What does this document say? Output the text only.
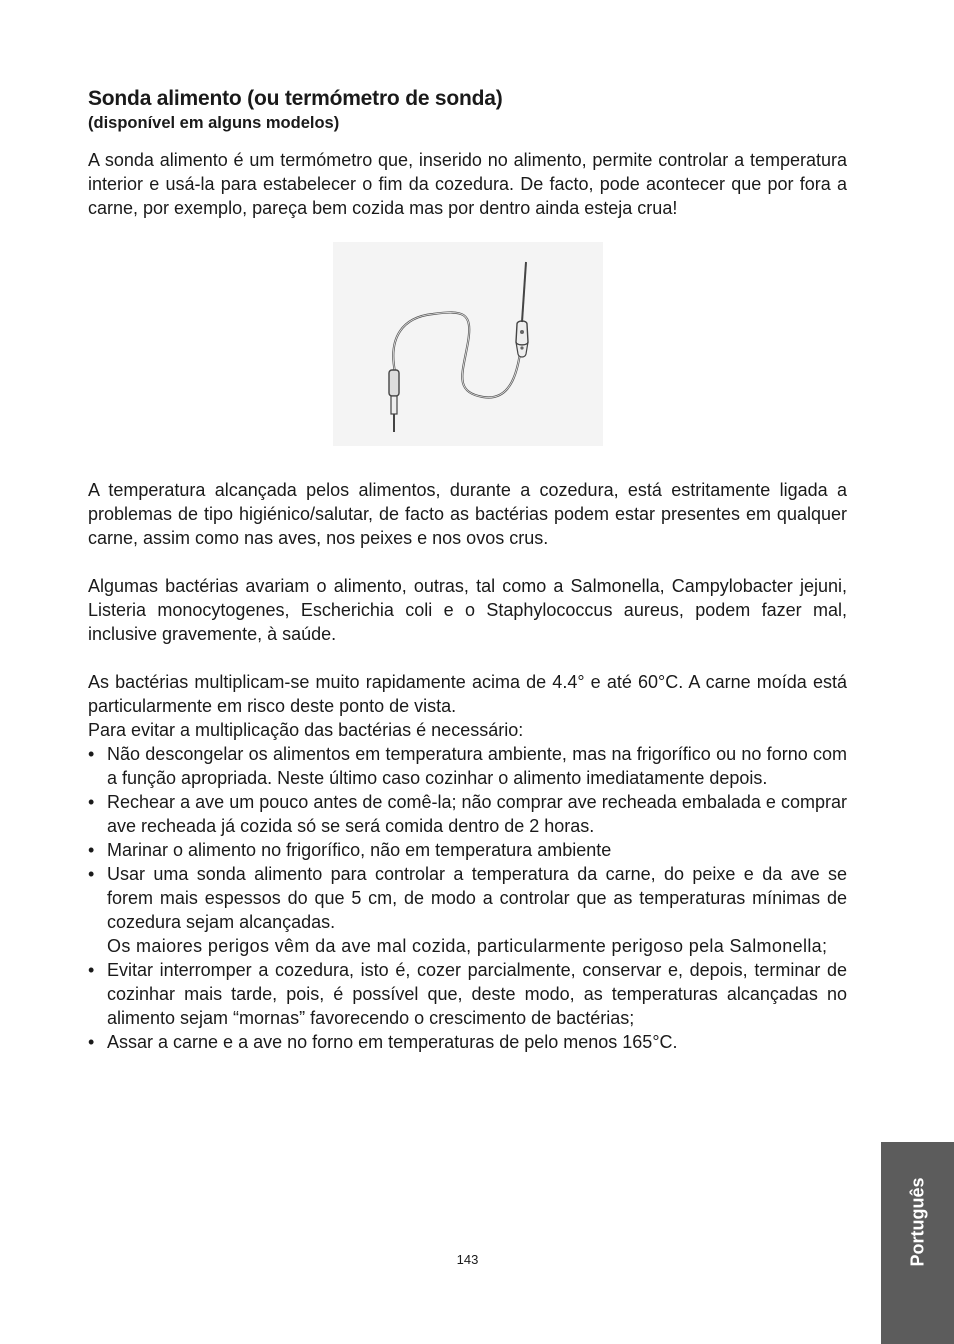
Sonda alimento (ou termómetro de sonda)
(disponível em alguns modelos)

A sonda alimento é um termómetro que, inserido no alimento, permite controlar a temperatura interior e usá-la para estabelecer o fim da cozedura. De facto, pode acontecer que por fora a carne, por exemplo, pareça bem cozida mas por dentro ainda esteja crua!

A temperatura alcançada pelos alimentos, durante a cozedura, está estritamente ligada a problemas de tipo higiénico/salutar, de facto as bactérias podem estar presentes em qualquer carne, assim como nas aves, nos peixes e nos ovos crus.

Algumas bactérias avariam o alimento, outras, tal como a Salmonella, Campylobacter jejuni, Listeria monocytogenes, Escherichia coli e o Staphylococcus aureus, podem fazer mal, inclusive gravemente, à saúde.

As bactérias multiplicam-se muito rapidamente acima de 4.4° e até 60°C. A carne moída está particularmente em risco deste ponto de vista.

Para evitar a multiplicação das bactérias é necessário:

• Não descongelar os alimentos em temperatura ambiente, mas na frigorífico ou no forno com a função apropriada. Neste último caso cozinhar o alimento imediatamente depois.
• Rechear a ave um pouco antes de comê-la; não comprar ave recheada embalada e comprar ave recheada já cozida só se será comida dentro de 2 horas.
• Marinar o alimento no frigorífico, não em temperatura ambiente
• Usar uma sonda alimento para controlar a temperatura da carne, do peixe e da ave se forem mais espessos do que 5 cm, de modo a controlar que as temperaturas mínimas de cozedura sejam alcançadas.
Os maiores perigos vêm da ave mal cozida, particularmente perigoso pela Salmonella;
• Evitar interromper a cozedura, isto é, cozer parcialmente, conservar e, depois, terminar de cozinhar mais tarde, pois, é possível que, deste modo, as temperaturas alcançadas no alimento sejam “mornas” favorecendo o crescimento de bactérias;
• Assar a carne e a ave no forno em temperaturas de pelo menos 165°C.
143	Português
